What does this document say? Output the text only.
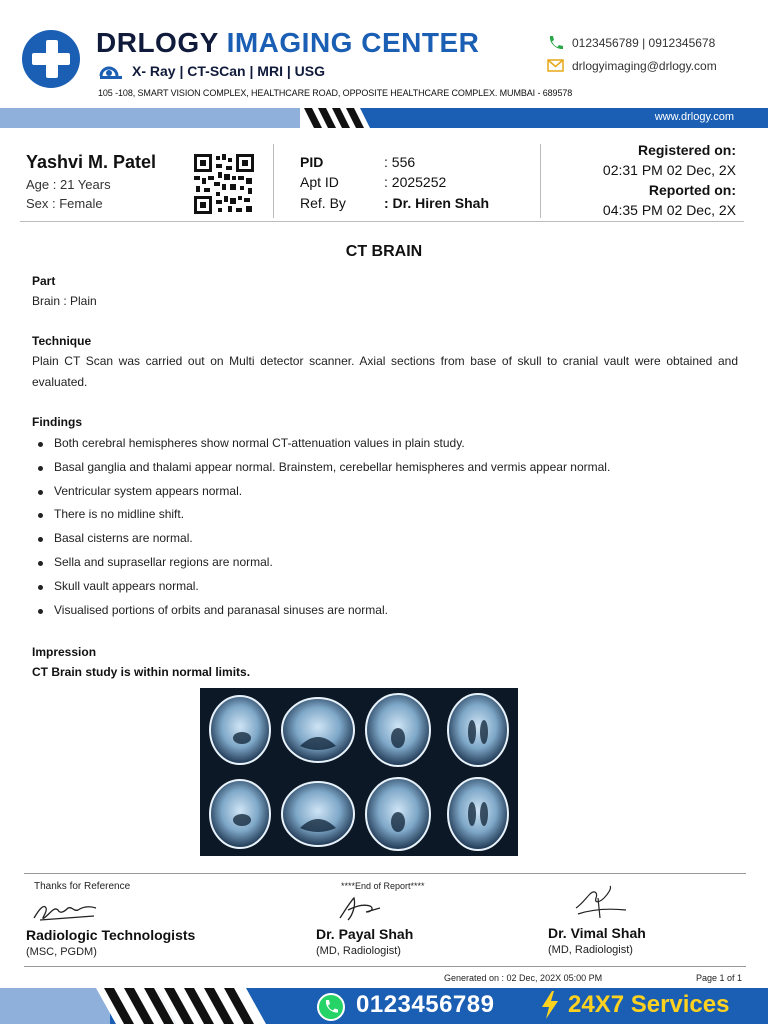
DRLOGY IMAGING CENTER
X- Ray | CT-SCan | MRI | USG
105 -108, SMART VISION COMPLEX, HEALTHCARE ROAD, OPPOSITE HEALTHCARE COMPLEX. MUMBAI - 689578
0123456789 | 0912345678
drlogyimaging@drlogy.com
www.drlogy.com
Yashvi M. Patel
Age : 21 Years
Sex : Female
PID	: 556
Apt ID	: 2025252
Ref. By	: Dr. Hiren Shah
Registered on:
02:31 PM 02 Dec, 2X
Reported on:
04:35 PM 02 Dec, 2X
CT BRAIN
Part
Brain : Plain
Technique
Plain CT Scan was carried out on Multi detector scanner. Axial sections from base of skull to cranial vault were obtained and evaluated.
Findings
Both cerebral hemispheres show normal CT-attenuation values in plain study.
Basal ganglia and thalami appear normal. Brainstem, cerebellar hemispheres and vermis appear normal.
Ventricular system appears normal.
There is no midline shift.
Basal cisterns are normal.
Sella and suprasellar regions are normal.
Skull vault appears normal.
Visualised portions of orbits and paranasal sinuses are normal.
Impression
CT Brain study is within normal limits.
Thanks for Reference	****End of Report****
Radiologic Technologists
(MSC, PGDM)
Dr. Payal Shah
(MD, Radiologist)
Dr. Vimal Shah
(MD, Radiologist)
Generated on : 02 Dec, 202X 05:00 PM	Page 1 of 1
0123456789	24X7 Services
